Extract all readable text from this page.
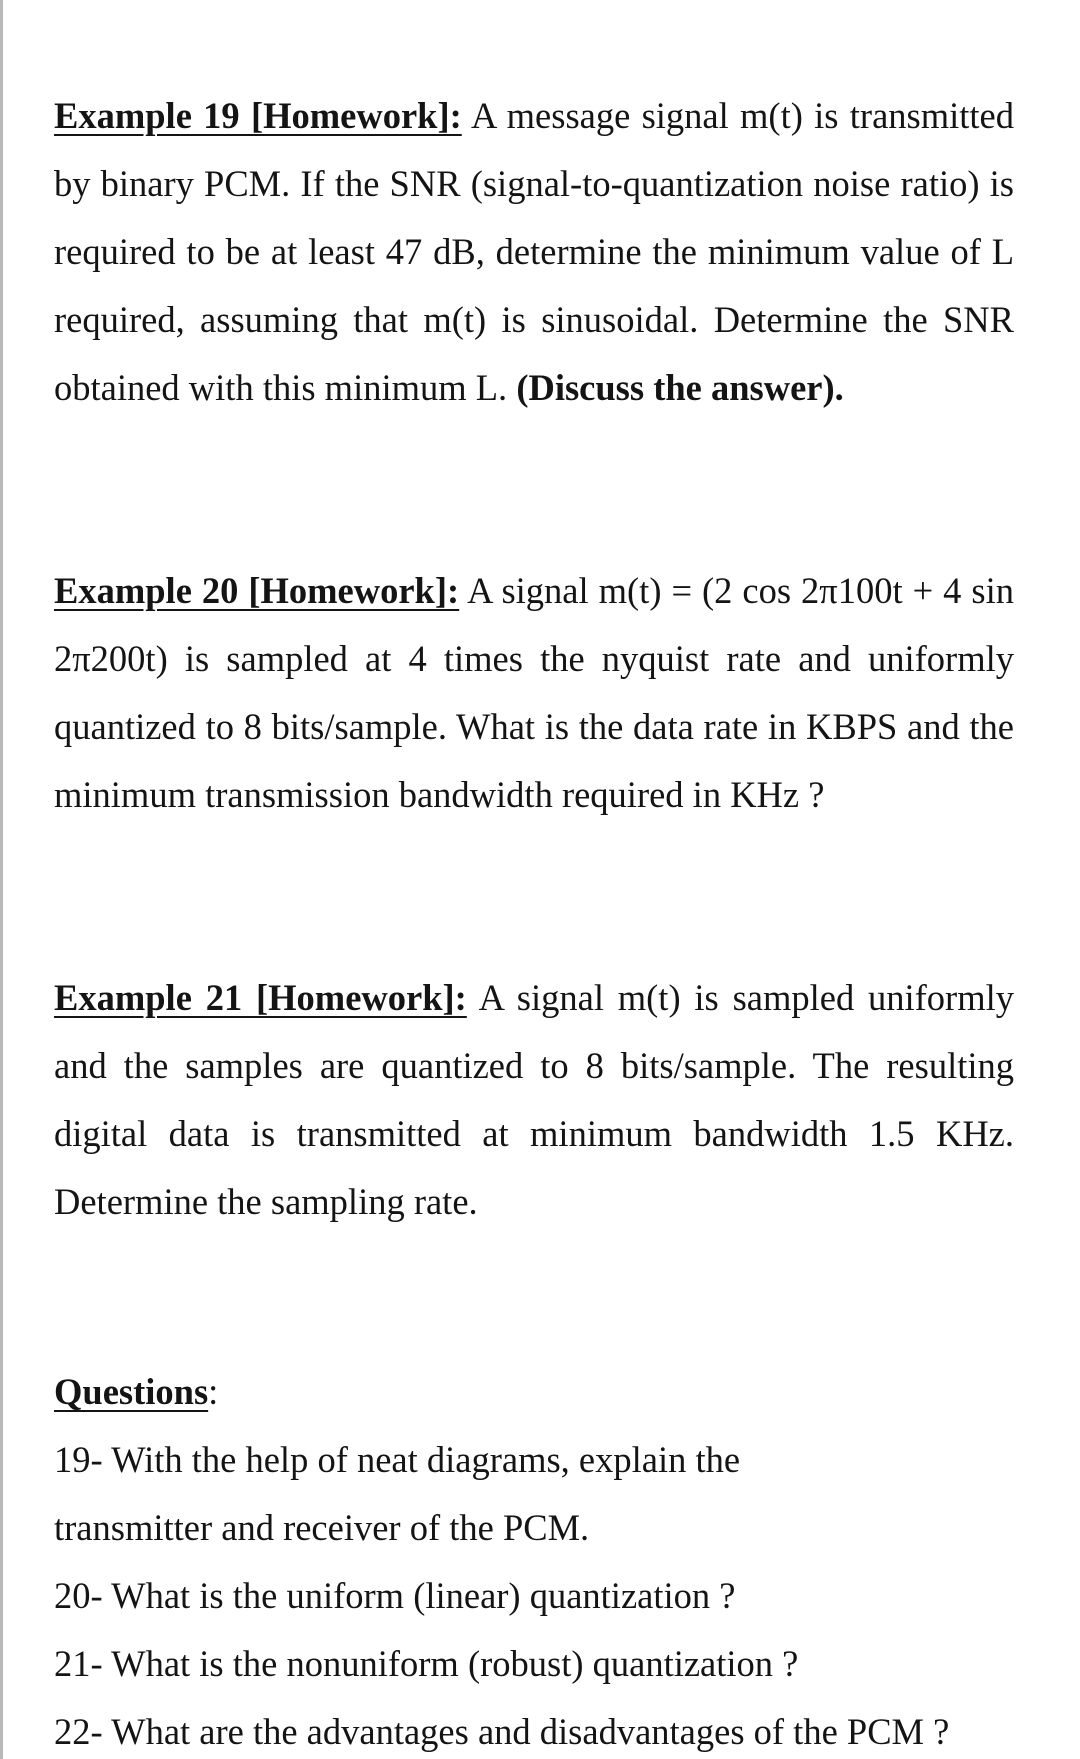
Example 19 [Homework]: A message signal m(t) is transmitted by binary PCM. If the SNR (signal-to-quantization noise ratio) is required to be at least 47 dB, determine the minimum value of L required, assuming that m(t) is sinusoidal. Determine the SNR obtained with this minimum L. (Discuss the answer).

Example 20 [Homework]: A signal m(t) = (2 cos 2π100t + 4 sin 2π200t) is sampled at 4 times the nyquist rate and uniformly quantized to 8 bits/sample. What is the data rate in KBPS and the minimum transmission bandwidth required in KHz ?

Example 21 [Homework]: A signal m(t) is sampled uniformly and the samples are quantized to 8 bits/sample. The resulting digital data is transmitted at minimum bandwidth 1.5 KHz. Determine the sampling rate.

Questions:

19- With the help of neat diagrams, explain the transmitter and receiver of the PCM.

20- What is the uniform (linear) quantization ?

21- What is the nonuniform (robust) quantization ?

22- What are the advantages and disadvantages of the PCM ?
